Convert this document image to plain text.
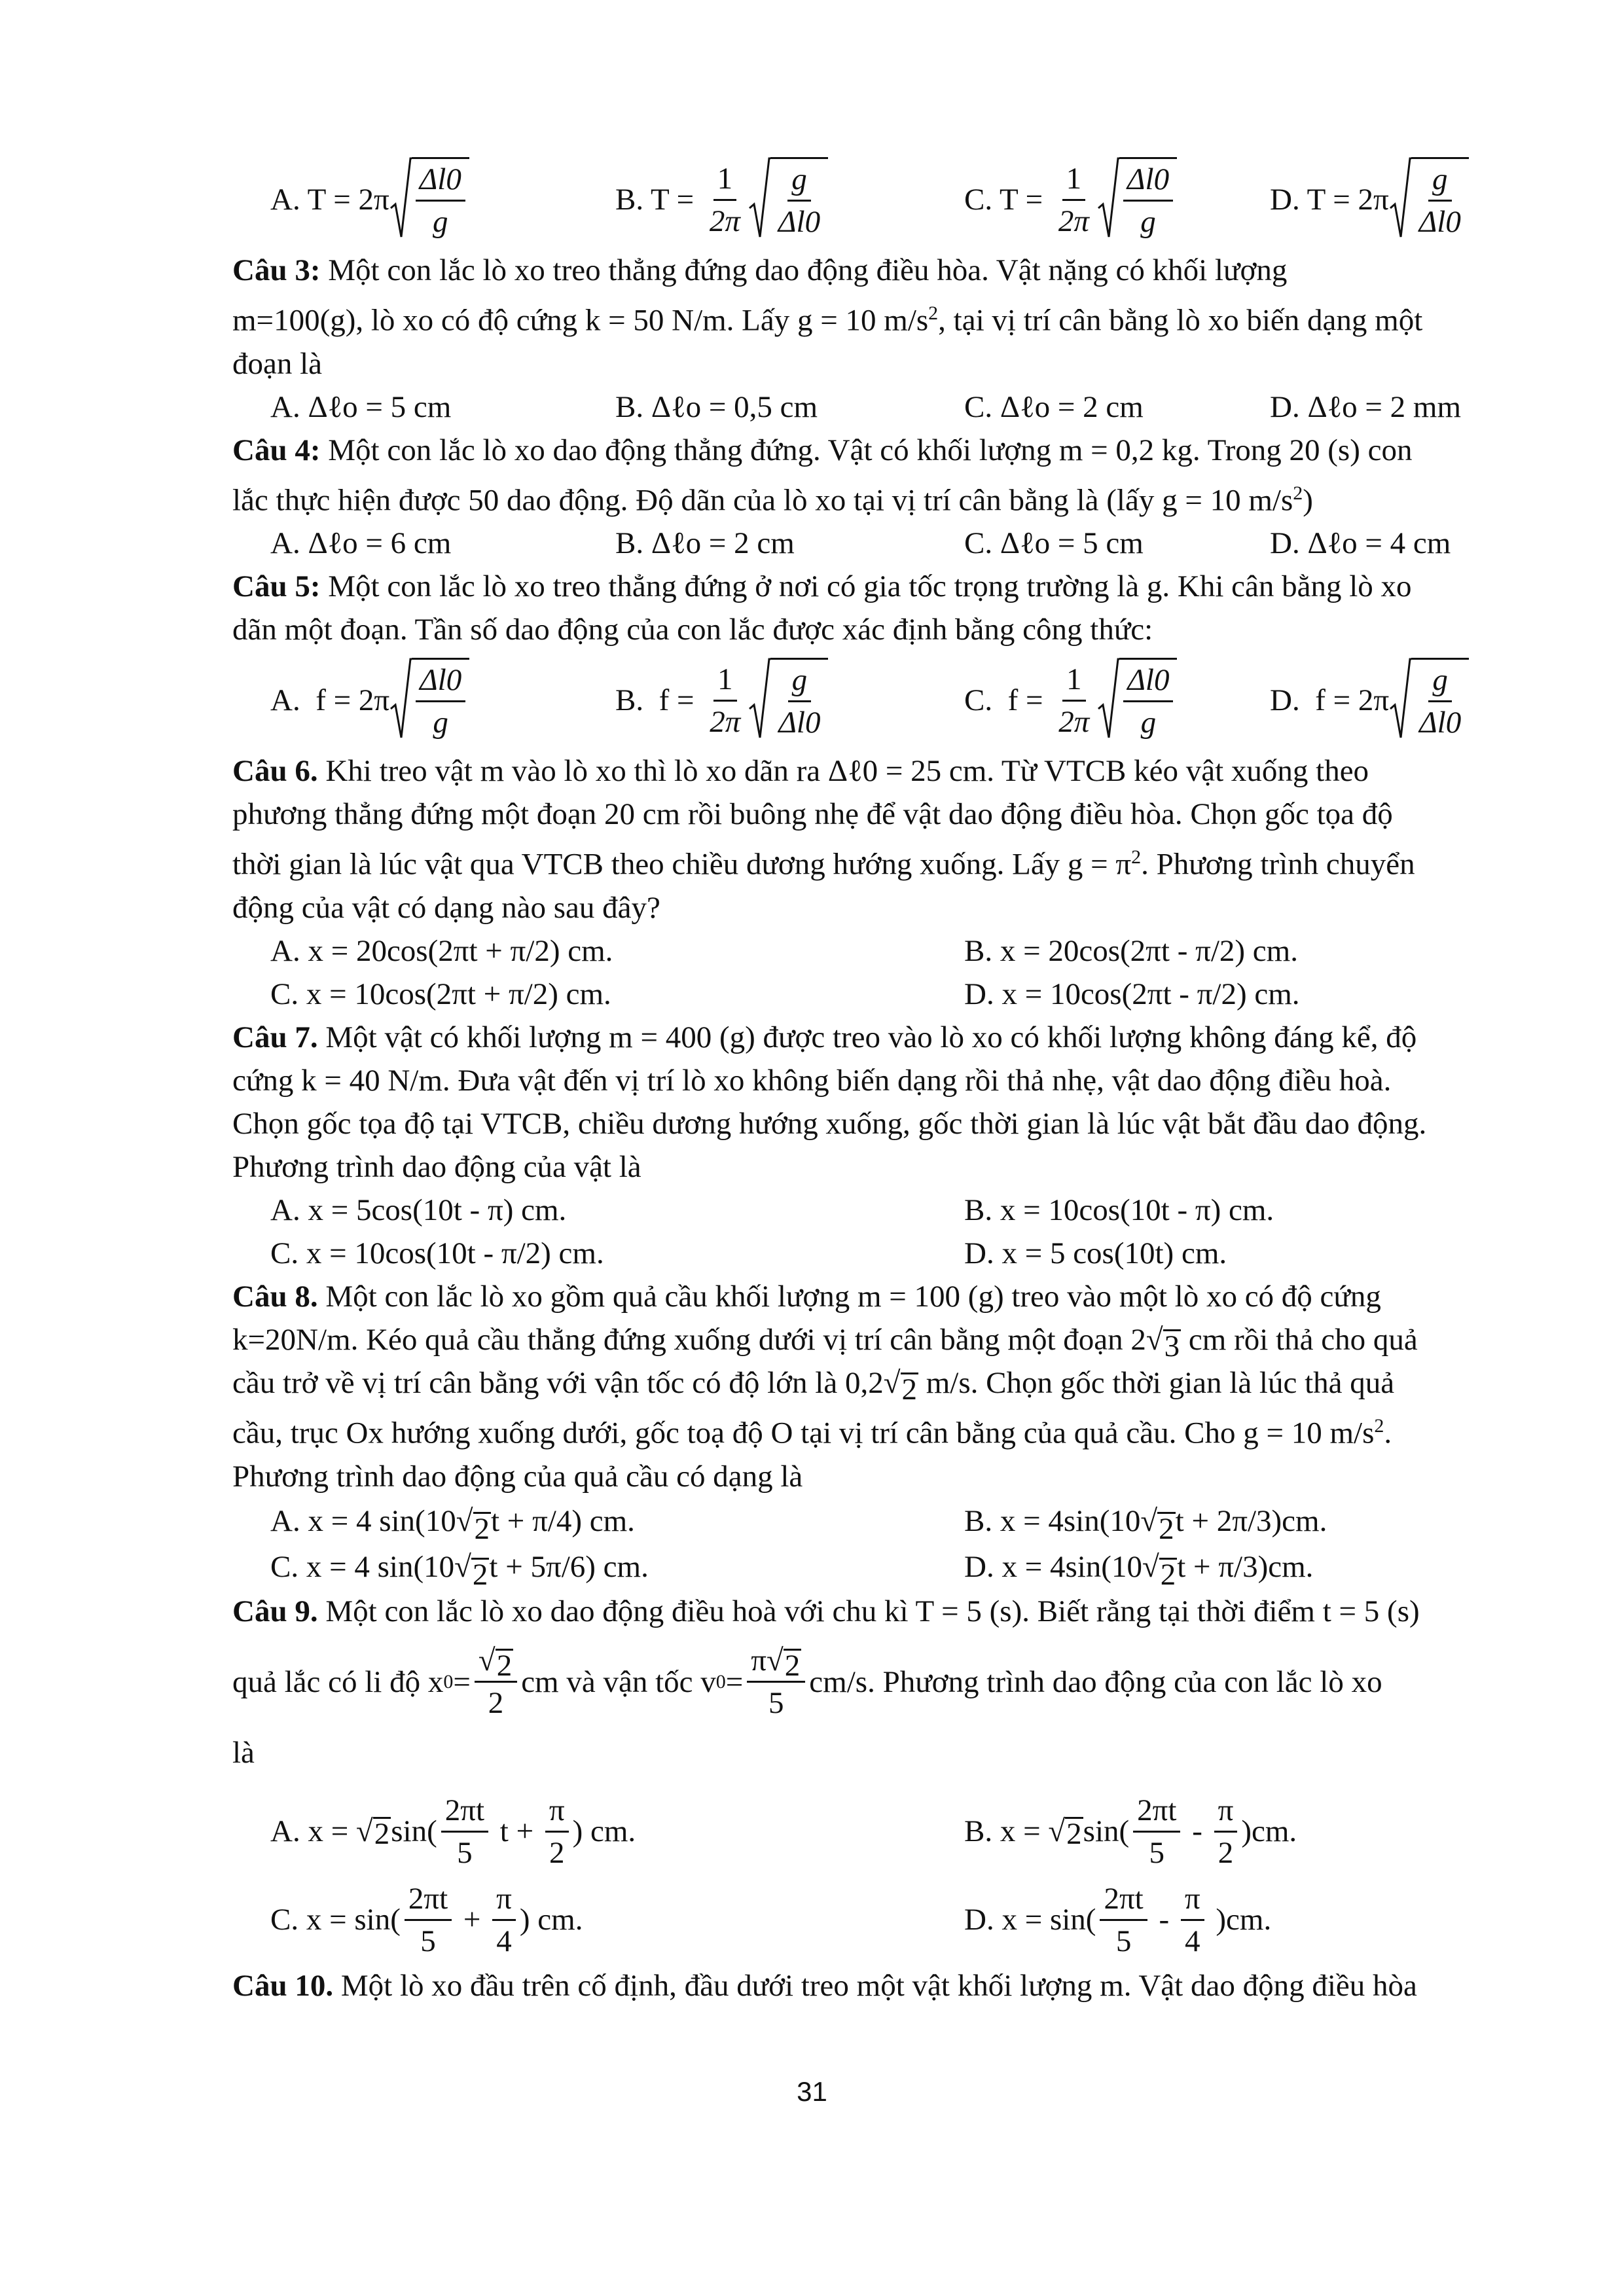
A. $T = 2\pi \frac{\Delta l0}{g}$	B. $T = \frac{1}{2\pi} \frac{g}{\Delta l0}$	C. $T = \frac{1}{2\pi} \frac{\Delta l0}{g}$	D. $T = 2\pi \frac{g}{\Delta l0}$
Câu 3: Một con lắc lò xo treo thẳng đứng dao động điều hòa. Vật nặng có khối lượng
m=100(g), lò xo có độ cứng k = 50 N/m. Lấy g = 10 $m/s^2$, tại vị trí cân bằng lò xo biến dạng một
đoạn là
A. Δℓo = 5 cm	B. Δℓo = 0,5 cm	C. Δℓo = 2 cm	D. Δℓo = 2 mm
Câu 4: Một con lắc lò xo dao động thẳng đứng. Vật có khối lượng m = 0,2 kg. Trong 20 (s) con
lắc thực hiện được 50 dao động. Độ dãn của lò xo tại vị trí cân bằng là (lấy g = 10 $m/s^2$)
A. Δℓo = 6 cm	B. Δℓo = 2 cm	C. Δℓo = 5 cm	D. Δℓo = 4 cm
Câu 5: Một con lắc lò xo treo thẳng đứng ở nơi có gia tốc trọng trường là g. Khi cân bằng lò xo
dãn một đoạn. Tần số dao động của con lắc được xác định bằng công thức:
A.  $f = 2\pi \frac{\Delta l0}{g}$	B.  $f = \frac{1}{2\pi} \frac{g}{\Delta l0}$	C.  $f = \frac{1}{2\pi} \frac{\Delta l0}{g}$	D.  $f = 2\pi \frac{g}{\Delta l0}$
Câu 6. Khi treo vật m vào lò xo thì lò xo dãn ra Δℓ0 = 25 cm. Từ VTCB kéo vật xuống theo
phương thẳng đứng một đoạn 20 cm rồi buông nhẹ để vật dao động điều hòa. Chọn gốc tọa độ
thời gian là lúc vật qua VTCB theo chiều dương hướng xuống. Lấy $g = \pi^2$. Phương trình chuyển
động của vật có dạng nào sau đây?
A. x = 20cos(2πt + π/2) cm.	B. x = 20cos(2πt - π/2) cm.
C. x = 10cos(2πt + π/2) cm.	D. x = 10cos(2πt - π/2) cm.
Câu 7. Một vật có khối lượng m = 400 (g) được treo vào lò xo có khối lượng không đáng kể, độ
cứng k = 40 N/m. Đưa vật đến vị trí lò xo không biến dạng rồi thả nhẹ, vật dao động điều hoà.
Chọn gốc tọa độ tại VTCB, chiều dương hướng xuống, gốc thời gian là lúc vật bắt đầu dao động.
Phương trình dao động của vật là
A. x = 5cos(10t - π) cm.	B. x = 10cos(10t - π) cm.
C. x = 10cos(10t - π/2) cm.	D. x = 5 cos(10t) cm.
Câu 8. Một con lắc lò xo gồm quả cầu khối lượng m = 100 (g) treo vào một lò xo có độ cứng
k=20N/m. Kéo quả cầu thẳng đứng xuống dưới vị trí cân bằng một đoạn 2 √ 3 cm rồi thả cho quả
cầu trở về vị trí cân bằng với vận tốc có độ lớn là 0,2 √ 2 m/s. Chọn gốc thời gian là lúc thả quả
cầu, trục Ox hướng xuống dưới, gốc toạ độ O tại vị trí cân bằng của quả cầu. Cho g = 10 $m/s^2$.
Phương trình dao động của quả cầu có dạng là
A. x = 4 sin(10 √ 2 t + π/4) cm.	B. x = 4sin(10 √ 2 t + 2π/3)cm.
C. x = 4 sin(10 √ 2 t + 5π/6) cm.	D. x = 4sin(10 √ 2 t + π/3)cm.
Câu 9. Một con lắc lò xo dao động điều hoà với chu kì T = 5 (s). Biết rằng tại thời điểm t = 5 (s)
quả lắc có li độ x $0 = \frac{√ 2}{2}$ cm và vận tốc v $0 = \frac{\pi √ 2}{5} cm/s$. Phương trình dao động của con lắc lò xo
là
A. x = √ 2 $\sin( \frac{2\pi t}{5}$ $t + \frac{\pi}{2}$ ) cm.	B. x = √ 2 $\sin( \frac{2\pi t}{5} - \frac{\pi}{2} )cm$.
C. $x = \sin( \frac{2\pi t}{5} + \frac{\pi}{4}$ ) cm.	D. $x = \sin( \frac{2\pi t}{5} - \frac{\pi}{4} )cm$.
Câu 10. Một lò xo đầu trên cố định, đầu dưới treo một vật khối lượng m. Vật dao động điều hòa
31
